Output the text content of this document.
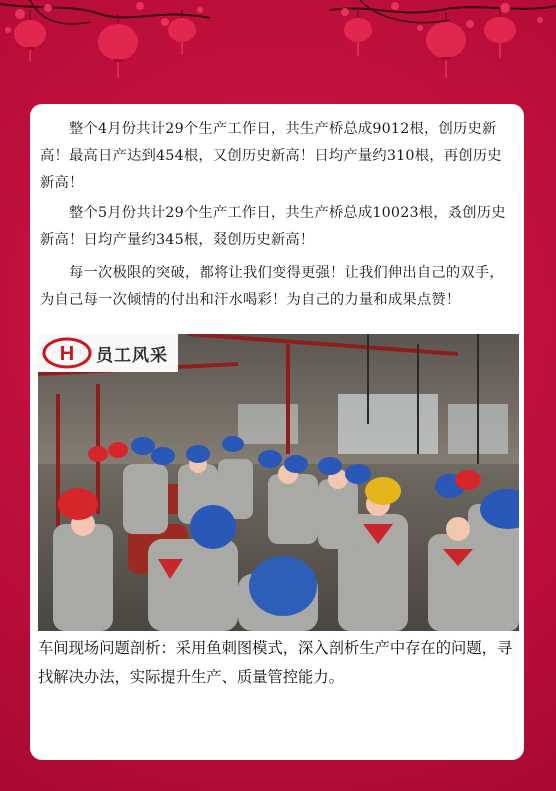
整个4月份共计29个生产工作日，共生产桥总成9012根，创历史新高！最高日产达到454根，又创历史新高！日均产量约310根，再创历史新高！

整个5月份共计29个生产工作日，共生产桥总成10023根，叒创历史新高！日均产量约345根，叕创历史新高！

每一次极限的突破，都将让我们变得更强！让我们伸出自己的双手，为自己每一次倾情的付出和汗水喝彩！为自己的力量和成果点赞！

H 员工风采

车间现场问题剖析：采用鱼刺图模式，深入剖析生产中存在的问题，寻找解决办法，实际提升生产、质量管控能力。
